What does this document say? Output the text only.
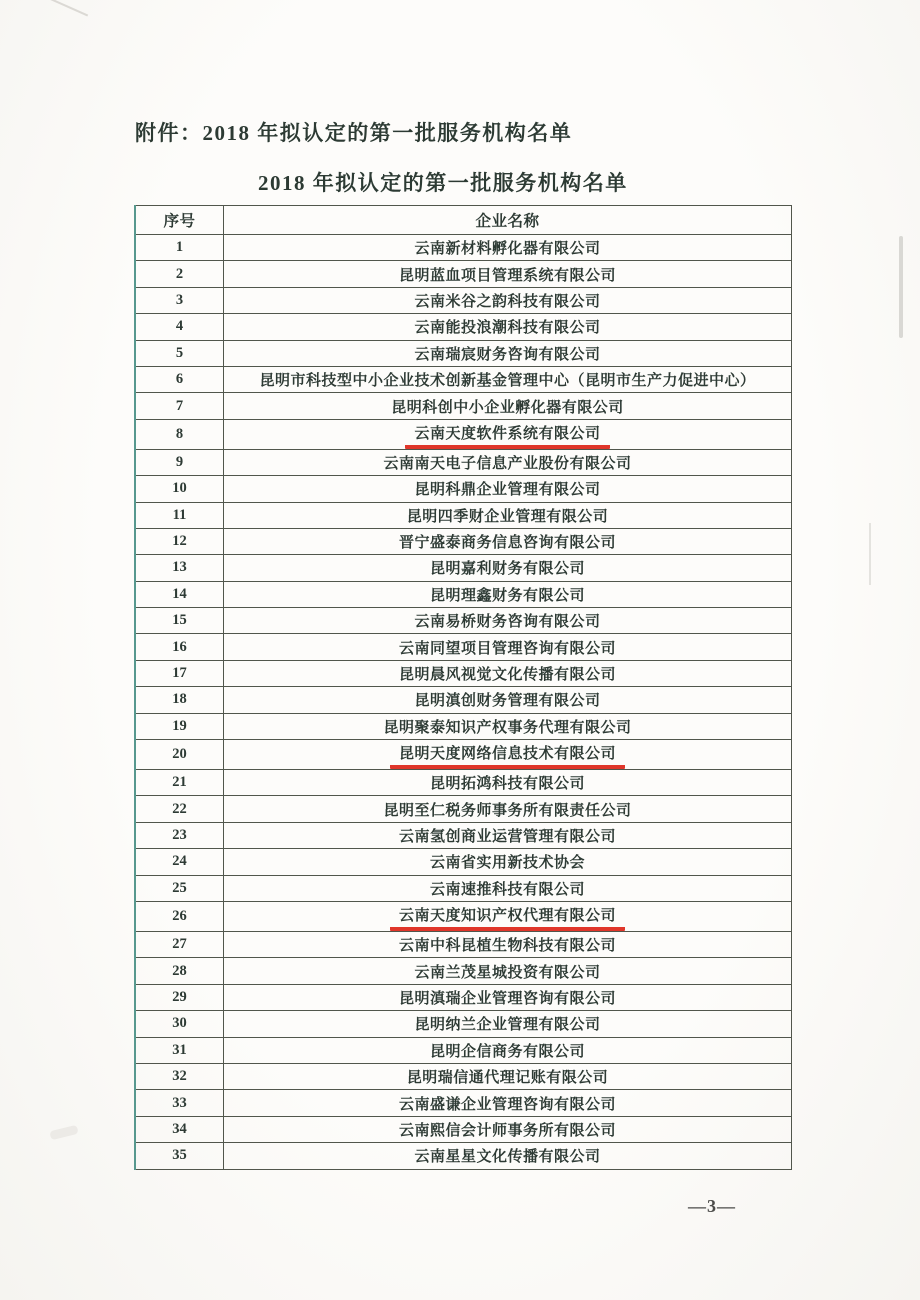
附件：2018 年拟认定的第一批服务机构名单
2018 年拟认定的第一批服务机构名单
序号	企业名称
1	云南新材料孵化器有限公司
2	昆明蓝血项目管理系统有限公司
3	云南米谷之韵科技有限公司
4	云南能投浪潮科技有限公司
5	云南瑞宸财务咨询有限公司
6	昆明市科技型中小企业技术创新基金管理中心（昆明市生产力促进中心）
7	昆明科创中小企业孵化器有限公司
8	云南天度软件系统有限公司
9	云南南天电子信息产业股份有限公司
10	昆明科鼎企业管理有限公司
11	昆明四季财企业管理有限公司
12	晋宁盛泰商务信息咨询有限公司
13	昆明嘉利财务有限公司
14	昆明理鑫财务有限公司
15	云南易桥财务咨询有限公司
16	云南同望项目管理咨询有限公司
17	昆明晨风视觉文化传播有限公司
18	昆明滇创财务管理有限公司
19	昆明聚泰知识产权事务代理有限公司
20	昆明天度网络信息技术有限公司
21	昆明拓鸿科技有限公司
22	昆明至仁税务师事务所有限责任公司
23	云南氢创商业运营管理有限公司
24	云南省实用新技术协会
25	云南速推科技有限公司
26	云南天度知识产权代理有限公司
27	云南中科昆植生物科技有限公司
28	云南兰茂星城投资有限公司
29	昆明滇瑞企业管理咨询有限公司
30	昆明纳兰企业管理有限公司
31	昆明企信商务有限公司
32	昆明瑞信通代理记账有限公司
33	云南盛谦企业管理咨询有限公司
34	云南熙信会计师事务所有限公司
35	云南星星文化传播有限公司
—3—
